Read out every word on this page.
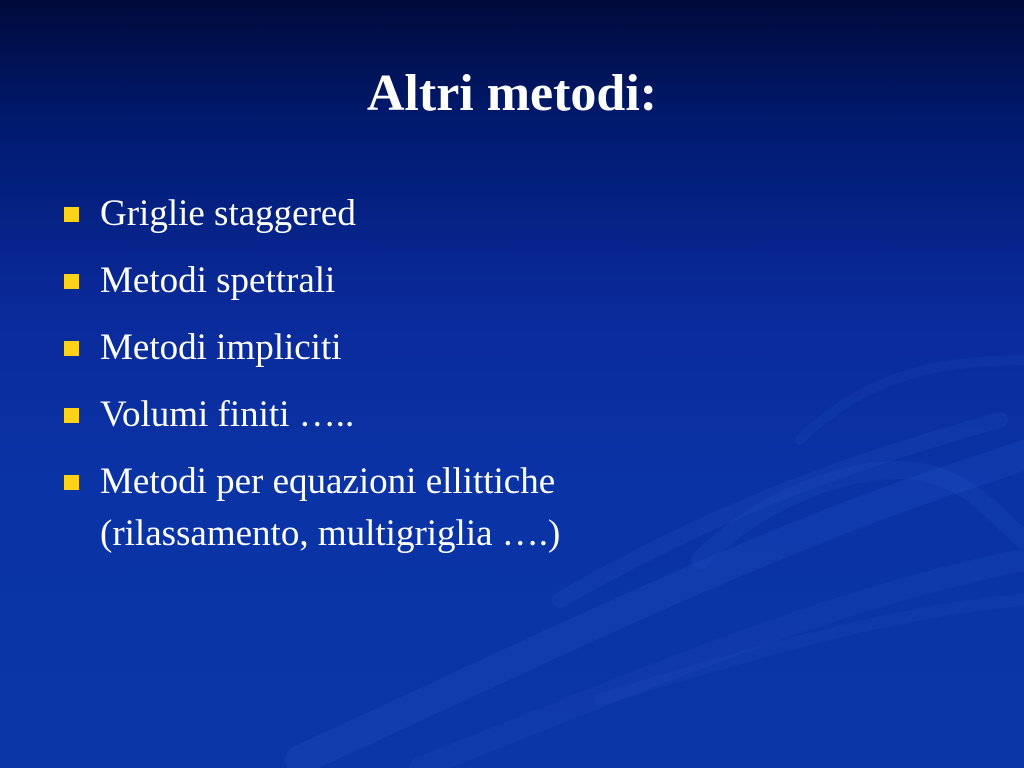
Altri metodi:
Griglie staggered
Metodi spettrali
Metodi impliciti
Volumi finiti …..
Metodi per equazioni ellittiche (rilassamento, multigriglia ….)
